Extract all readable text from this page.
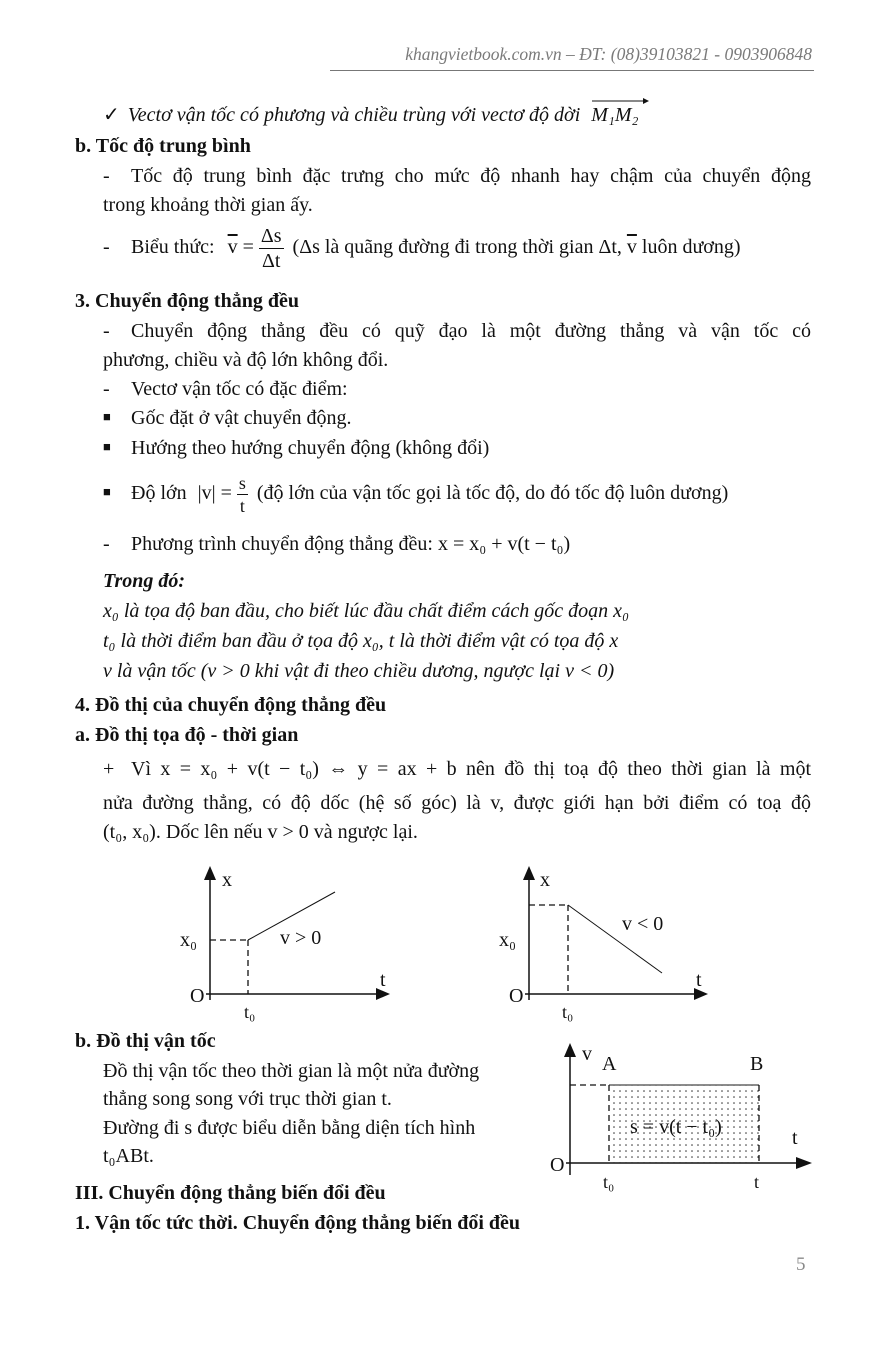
khangvietbook.com.vn – ĐT: (08)39103821 - 0903906848
✓ Vectơ vận tốc có phương và chiều trùng với vectơ độ dời M₁M₂
b. Tốc độ trung bình
- Tốc độ trung bình đặc trưng cho mức độ nhanh hay chậm của chuyển động
trong khoảng thời gian ấy.
- Biểu thức: $\overline{v} = \frac{\Delta s}{\Delta t} (\Delta s$ là quãng đường đi trong thời gian Δt, $\overline{v}$ luôn dương)
3. Chuyển động thẳng đều
- Chuyển động thẳng đều có quỹ đạo là một đường thẳng và vận tốc có
phương, chiều và độ lớn không đổi.
- Vectơ vận tốc có đặc điểm:
■ Gốc đặt ở vật chuyển động.
■ Hướng theo hướng chuyển động (không đổi)
■ Độ lớn $|v| = \frac{s}{t}$ (độ lớn của vận tốc gọi là tốc độ, do đó tốc độ luôn dương)
- Phương trình chuyển động thẳng đều: x = x₀ + v(t − t₀)
Trong đó:
x₀ là tọa độ ban đầu, cho biết lúc đầu chất điểm cách gốc đoạn x₀
t₀ là thời điểm ban đầu ở tọa độ x₀, t là thời điểm vật có tọa độ x
v là vận tốc (v > 0 khi vật đi theo chiều dương, ngược lại v < 0)
4. Đồ thị của chuyển động thẳng đều
a. Đồ thị tọa độ - thời gian
+ Vì x = x₀ + v(t − t₀) ⇔ y = ax + b nên đồ thị toạ độ theo thời gian là một
nửa đường thẳng, có độ dốc (hệ số góc) là v, được giới hạn bởi điểm có toạ độ
(t₀, x₀). Dốc lên nếu v > 0 và ngược lại.
x
t
O
x₀
t₀
v > 0
x
t
O
x₀
t₀
v < 0
b. Đồ thị vận tốc
Đồ thị vận tốc theo thời gian là một nửa đường
thẳng song song với trục thời gian t.
Đường đi s được biểu diễn bằng diện tích hình
t₀ABt.
v A	B
t
O
t₀	t
s = v(t − t₀)
III. Chuyển động thẳng biến đổi đều
1. Vận tốc tức thời. Chuyển động thẳng biến đổi đều
5
